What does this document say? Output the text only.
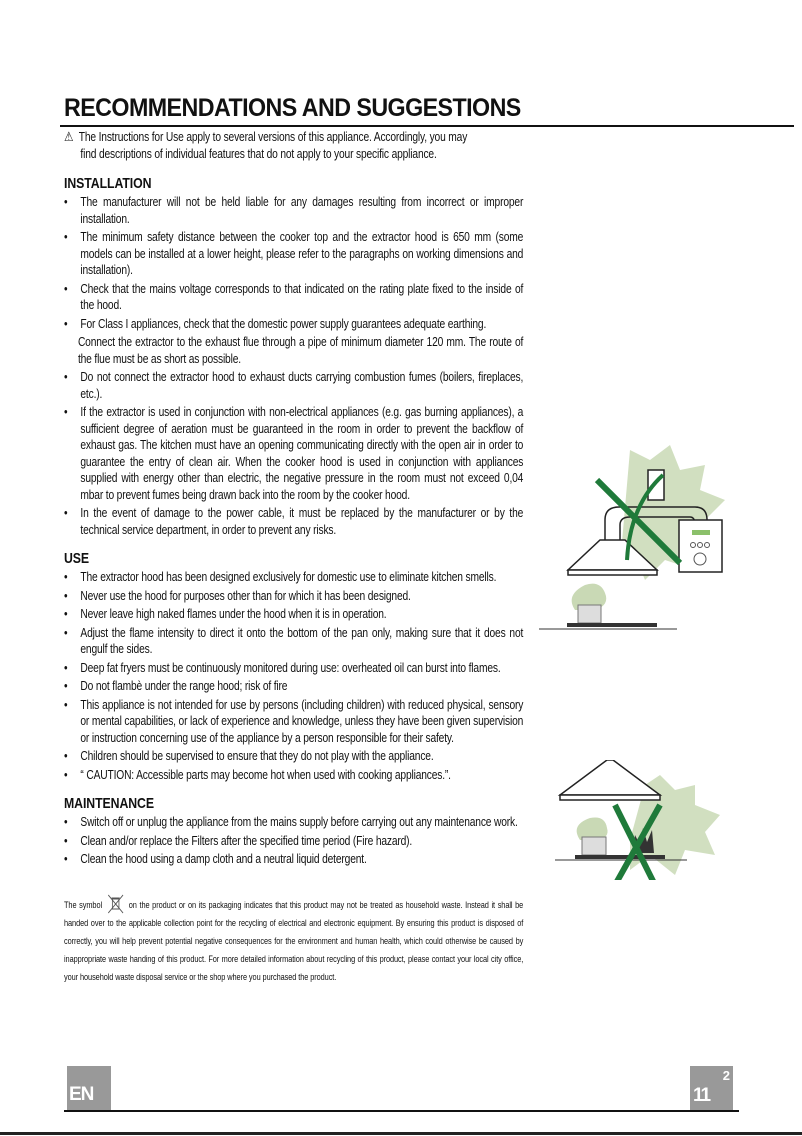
RECOMMENDATIONS AND SUGGESTIONS
⚠ The Instructions for Use apply to several versions of this appliance. Accordingly, you may
find descriptions of individual features that do not apply to your specific appliance.
INSTALLATION
• The manufacturer will not be held liable for any damages resulting from incorrect or improper installation.
• The minimum safety distance between the cooker top and the extractor hood is 650 mm (some models can be installed at a lower height, please refer to the paragraphs on working dimensions and installation).
• Check that the mains voltage corresponds to that indicated on the rating plate fixed to the inside of the hood.
• For Class I appliances, check that the domestic power supply guarantees adequate earthing.
Connect the extractor to the exhaust flue through a pipe of minimum diameter 120 mm. The route of the flue must be as short as possible.
• Do not connect the extractor hood to exhaust ducts carrying combustion fumes (boilers, fireplaces, etc.).
• If the extractor is used in conjunction with non-electrical appliances (e.g. gas burning appliances), a sufficient degree of aeration must be guaranteed in the room in order to prevent the backflow of exhaust gas. The kitchen must have an opening communicating directly with the open air in order to guarantee the entry of clean air. When the cooker hood is used in conjunction with appliances supplied with energy other than electric, the negative pressure in the room must not exceed 0,04 mbar to prevent fumes being drawn back into the room by the cooker hood.
• In the event of damage to the power cable, it must be replaced by the manufacturer or by the technical service department, in order to prevent any risks.
USE
• The extractor hood has been designed exclusively for domestic use to eliminate kitchen smells.
• Never use the hood for purposes other than for which it has been designed.
• Never leave high naked flames under the hood when it is in operation.
• Adjust the flame intensity to direct it onto the bottom of the pan only, making sure that it does not engulf the sides.
• Deep fat fryers must be continuously monitored during use: overheated oil can burst into flames.
• Do not flambè under the range hood; risk of fire
• This appliance is not intended for use by persons (including children) with reduced physical, sensory or mental capabilities, or lack of experience and knowledge, unless they have been given supervision or instruction concerning use of the appliance by a person responsible for their safety.
• Children should be supervised to ensure that they do not play with the appliance.
• “ CAUTION: Accessible parts may become hot when used with cooking appliances.”.
MAINTENANCE
• Switch off or unplug the appliance from the mains supply before carrying out any maintenance work.
• Clean and/or replace the Filters after the specified time period (Fire hazard).
• Clean the hood using a damp cloth and a neutral liquid detergent.
The symbol	on the product or on its packaging indicates that this product may not be treated as household waste. Instead it shall be handed over to the applicable collection point for the recycling of electrical and electronic equipment. By ensuring this product is disposed of correctly, you will help prevent potential negative consequences for the environment and human health, which could otherwise be caused by inappropriate waste handing of this product. For more detailed information about recycling of this product, please contact your local city office, your household waste disposal service or the shop where you purchased the product.
EN	11
2
